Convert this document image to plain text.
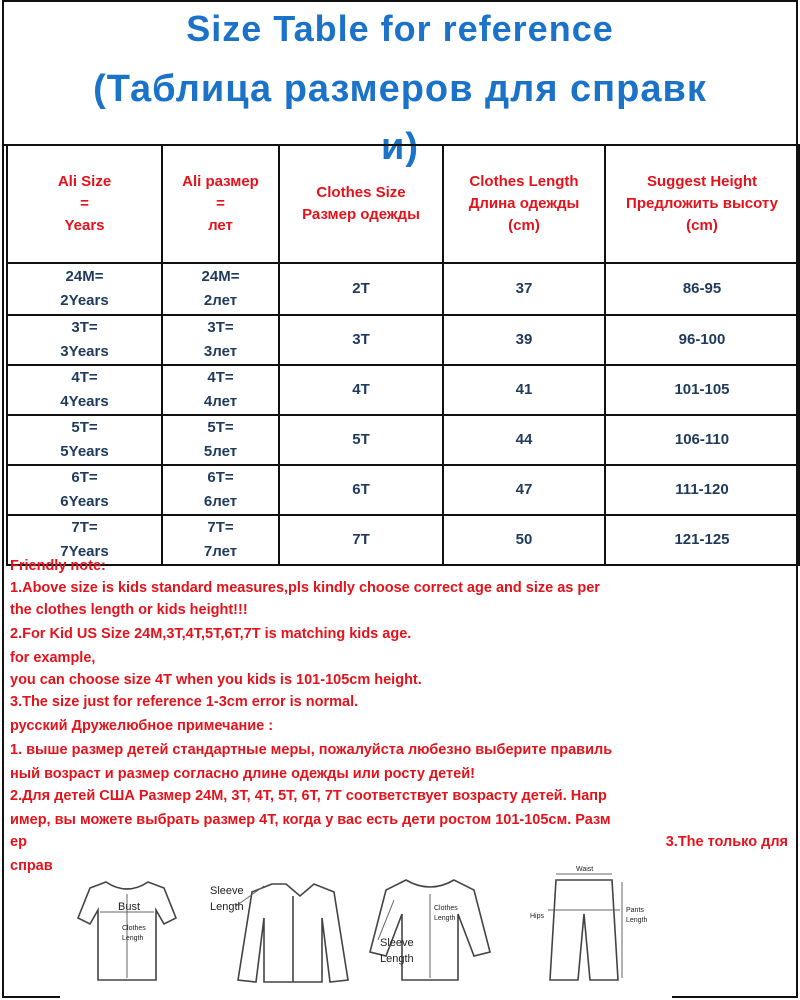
Size Table for reference
(Таблица размеров для справк
и)
Ali Size
=
Years	Ali размер
=
лет	Clothes Size
Размер одежды	Clothes Length
Длина одежды
(cm)	Suggest Height
Предложить высоту
(cm)

24M=
2Years	24M=
2лет	2T	37	86-95

3T=
3Years	3T=
3лет	3T	39	96-100

4T=
4Years	4T=
4лет	4T	41	101-105

5T=
5Years	5T=
5лет	5T	44	106-110

6T=
6Years	6T=
6лет	6T	47	111-120

7T=
7Years	7T=
7лет	7T	50	121-125
Friendly note:
1.Above size is kids standard measures,pls kindly choose correct age and size as per
the clothes length or kids height!!!
2.For Kid US Size 24M,3T,4T,5T,6T,7T is matching kids age.
for example,
you can choose size 4T when you kids is 101-105cm height.
3.The size just for reference 1-3cm error is normal.
русский Дружелюбное примечание :
1. выше размер детей стандартные меры, пожалуйста любезно выберите правиль
ный возраст и размер согласно длине одежды или росту детей!
2.Для детей США Размер 24M, 3T, 4T, 5T, 6T, 7T соответствует возрасту детей. Напр
имер, вы можете выбрать размер 4T, когда у вас есть дети ростом 101-105см. Разм
ер	3.The только для
справ
Bust
Clothes
Length
Sleeve
Length	Clothes
Length
Sleeve
Length
Waist
Hips
Pants
Length
